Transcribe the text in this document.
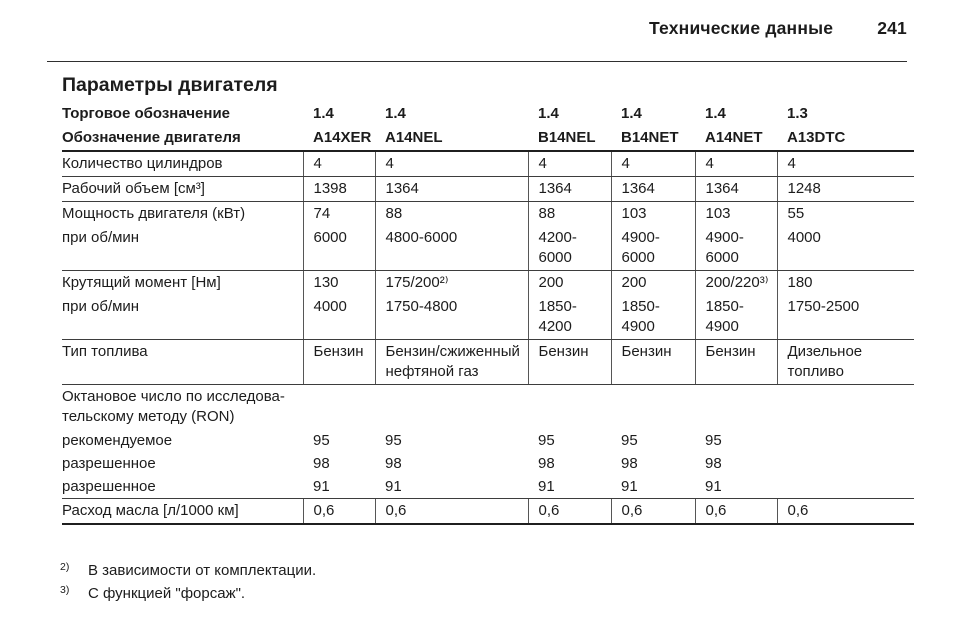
Технические данные	241
Параметры двигателя
Торговое обозначение	1.4	1.4	1.4	1.4	1.4	1.3
Обозначение двигателя	A14XER	A14NEL	B14NEL	B14NET	A14NET	A13DTC
Количество цилиндров	4	4	4	4	4	4
Рабочий объем [см³]	1398	1364	1364	1364	1364	1248
Мощность двигателя (кВт)	74	88	88	103	103	55
при об/мин	6000	4800-6000	4200-6000	4900-6000	4900-6000	4000
Крутящий момент [Нм]	130	175/200²⁾	200	200	200/220³⁾	180
при об/мин	4000	1750-4800	1850-4200	1850-4900	1850-4900	1750-2500
Тип топлива	Бензин	Бензин/сжиженный нефтяной газ	Бензин	Бензин	Бензин	Дизельное топливо

Октановое число по исследова-
тельскому методу (RON)						

рекомендуемое	95	95	95	95	95	
разрешенное	98	98	98	98	98	
разрешенное	91	91	91	91	91	
Расход масла [л/1000 км]	0,6	0,6	0,6	0,6	0,6	0,6
2)	В зависимости от комплектации.
3)	С функцией "форсаж".
